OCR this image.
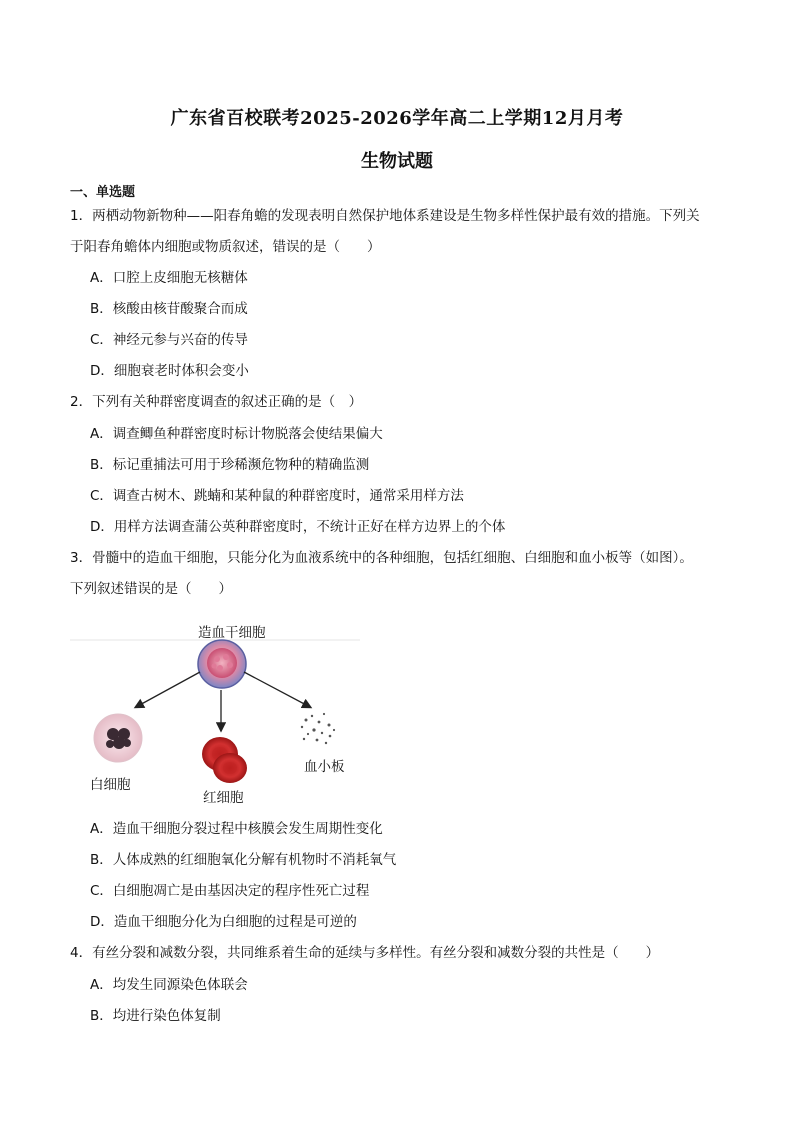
广东省百校联考2025-2026学年高二上学期12月月考
生物试题
一、单选题
1．两栖动物新物种——阳春角蟾的发现表明自然保护地体系建设是生物多样性保护最有效的措施。下列关
于阳春角蟾体内细胞或物质叙述，错误的是（　　）
A．口腔上皮细胞无核糖体
B．核酸由核苷酸聚合而成
C．神经元参与兴奋的传导
D．细胞衰老时体积会变小
2．下列有关种群密度调查的叙述正确的是（　）
A．调查鲫鱼种群密度时标计物脱落会使结果偏大
B．标记重捕法可用于珍稀濒危物种的精确监测
C．调查古树木、跳蝻和某种鼠的种群密度时，通常采用样方法
D．用样方法调查蒲公英种群密度时，不统计正好在样方边界上的个体
3．骨髓中的造血干细胞，只能分化为血液系统中的各种细胞，包括红细胞、白细胞和血小板等（如图）。
下列叙述错误的是（　　）
造血干细胞
白细胞
红细胞
血小板
A．造血干细胞分裂过程中核膜会发生周期性变化
B．人体成熟的红细胞氧化分解有机物时不消耗氧气
C．白细胞凋亡是由基因决定的程序性死亡过程
D．造血干细胞分化为白细胞的过程是可逆的
4．有丝分裂和减数分裂，共同维系着生命的延续与多样性。有丝分裂和减数分裂的共性是（　　）
A．均发生同源染色体联会
B．均进行染色体复制
